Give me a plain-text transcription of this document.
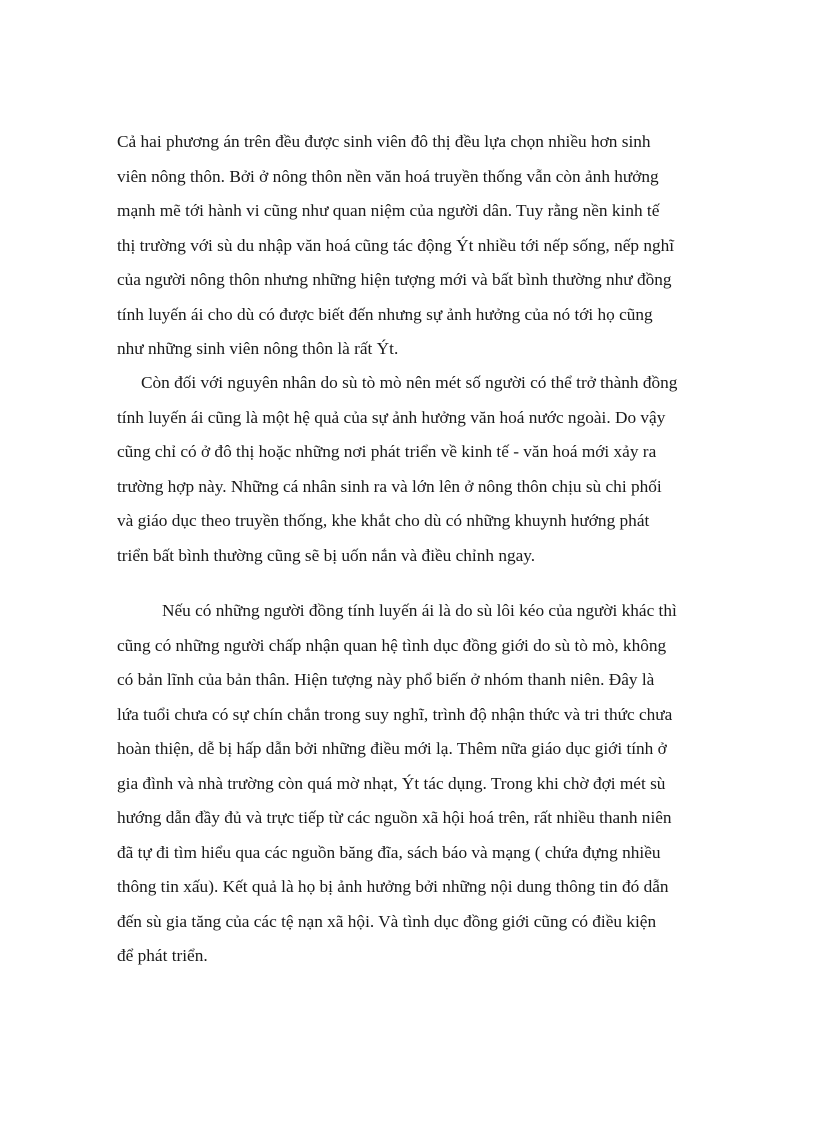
Cả hai phương án trên đều được sinh viên đô thị đều lựa chọn nhiều hơn sinh
viên nông thôn. Bởi ở nông thôn nền văn hoá truyền thống vẫn còn ảnh hưởng
mạnh mẽ tới hành vi cũng như quan niệm của người dân. Tuy rằng nền kinh tế
thị trường với sù du nhập văn hoá cũng tác động Ýt nhiều tới nếp sống, nếp nghĩ
của người nông thôn nhưng những hiện tượng mới và bất bình thường như đồng
tính luyến ái cho dù có được biết đến nhưng sự ảnh hưởng của nó tới họ cũng
như những sinh viên nông thôn là rất Ýt.
Còn đối với nguyên nhân do sù tò mò nên mét số người có thể trở thành đồng
tính luyến ái cũng là một hệ quả của sự ảnh hưởng văn hoá nước ngoài. Do vậy
cũng chỉ có ở đô thị hoặc những nơi phát triển về kinh tế - văn hoá mới xảy ra
trường hợp này. Những cá nhân sinh ra và lớn lên ở nông thôn chịu sù chi phối
và giáo dục theo truyền thống, khe khắt cho dù có những khuynh hướng phát
triển bất bình thường cũng sẽ bị uốn nắn và điều chỉnh ngay.
Nếu có những người đồng tính luyến ái là do sù lôi kéo của người khác thì
cũng có những người chấp nhận quan hệ tình dục đồng giới do sù tò mò, không
có bản lĩnh của bản thân. Hiện tượng này phổ biến ở nhóm thanh niên. Đây là
lứa tuổi chưa có sự chín chắn trong suy nghĩ, trình độ nhận thức và tri thức chưa
hoàn thiện, dễ bị hấp dẫn bởi những điều mới lạ. Thêm nữa giáo dục giới tính ở
gia đình và nhà trường còn quá mờ nhạt, Ýt tác dụng. Trong khi chờ đợi mét sù
hướng dẫn đầy đủ và trực tiếp từ các nguồn xã hội hoá trên, rất nhiều thanh niên
đã tự đi tìm hiểu qua các nguồn băng đĩa, sách báo và mạng ( chứa đựng nhiều
thông tin xấu). Kết quả là họ bị ảnh hưởng bởi những nội dung thông tin đó dẫn
đến sù gia tăng của các tệ nạn xã hội. Và tình dục đồng giới cũng có điều kiện
để phát triển.
